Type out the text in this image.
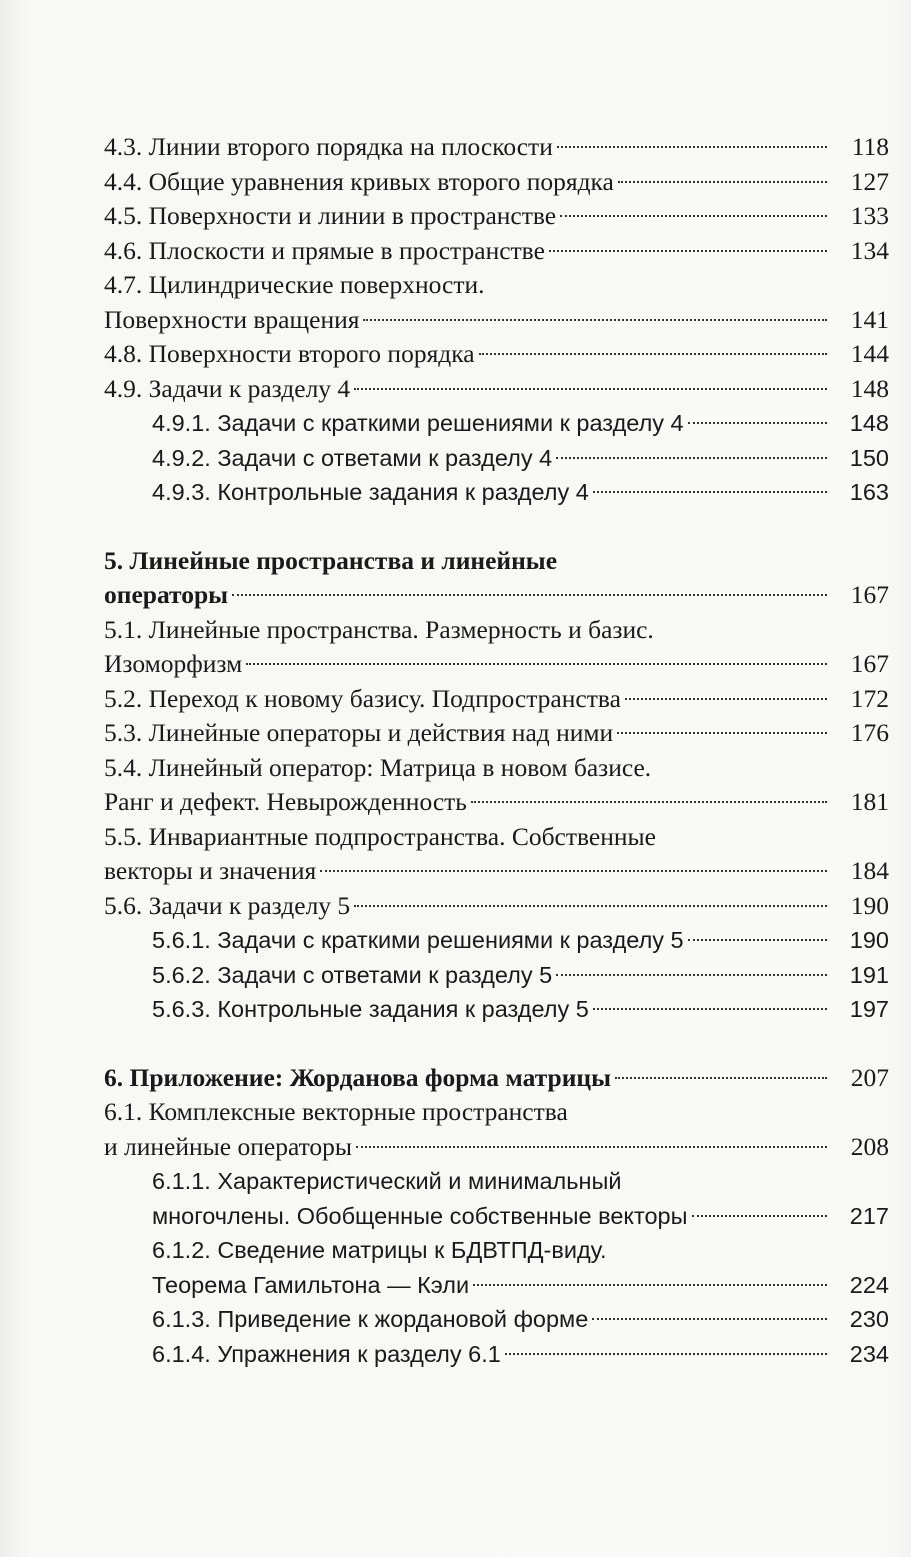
4.3. Линии второго порядка на плоскости	118
4.4. Общие уравнения кривых второго порядка	127
4.5. Поверхности и линии в пространстве	133
4.6. Плоскости и прямые в пространстве	134
4.7. Цилиндрические поверхности.
Поверхности вращения	141
4.8. Поверхности второго порядка	144
4.9. Задачи к разделу 4	148
4.9.1. Задачи с краткими решениями к разделу 4	148
4.9.2. Задачи с ответами к разделу 4	150
4.9.3. Контрольные задания к разделу 4	163
5. Линейные пространства и линейные
операторы	167
5.1. Линейные пространства. Размерность и базис.
Изоморфизм	167
5.2. Переход к новому базису. Подпространства	172
5.3. Линейные операторы и действия над ними	176
5.4. Линейный оператор: Матрица в новом базисе.
Ранг и дефект. Невырожденность	181
5.5. Инвариантные подпространства. Собственные
векторы и значения	184
5.6. Задачи к разделу 5	190
5.6.1. Задачи с краткими решениями к разделу 5	190
5.6.2. Задачи с ответами к разделу 5	191
5.6.3. Контрольные задания к разделу 5	197
6. Приложение: Жорданова форма матрицы	207
6.1. Комплексные векторные пространства
и линейные операторы	208
6.1.1. Характеристический и минимальный
многочлены. Обобщенные собственные векторы	217
6.1.2. Сведение матрицы к БДВТПД-виду.
Теорема Гамильтона — Кэли	224
6.1.3. Приведение к жордановой форме	230
6.1.4. Упражнения к разделу 6.1	234
